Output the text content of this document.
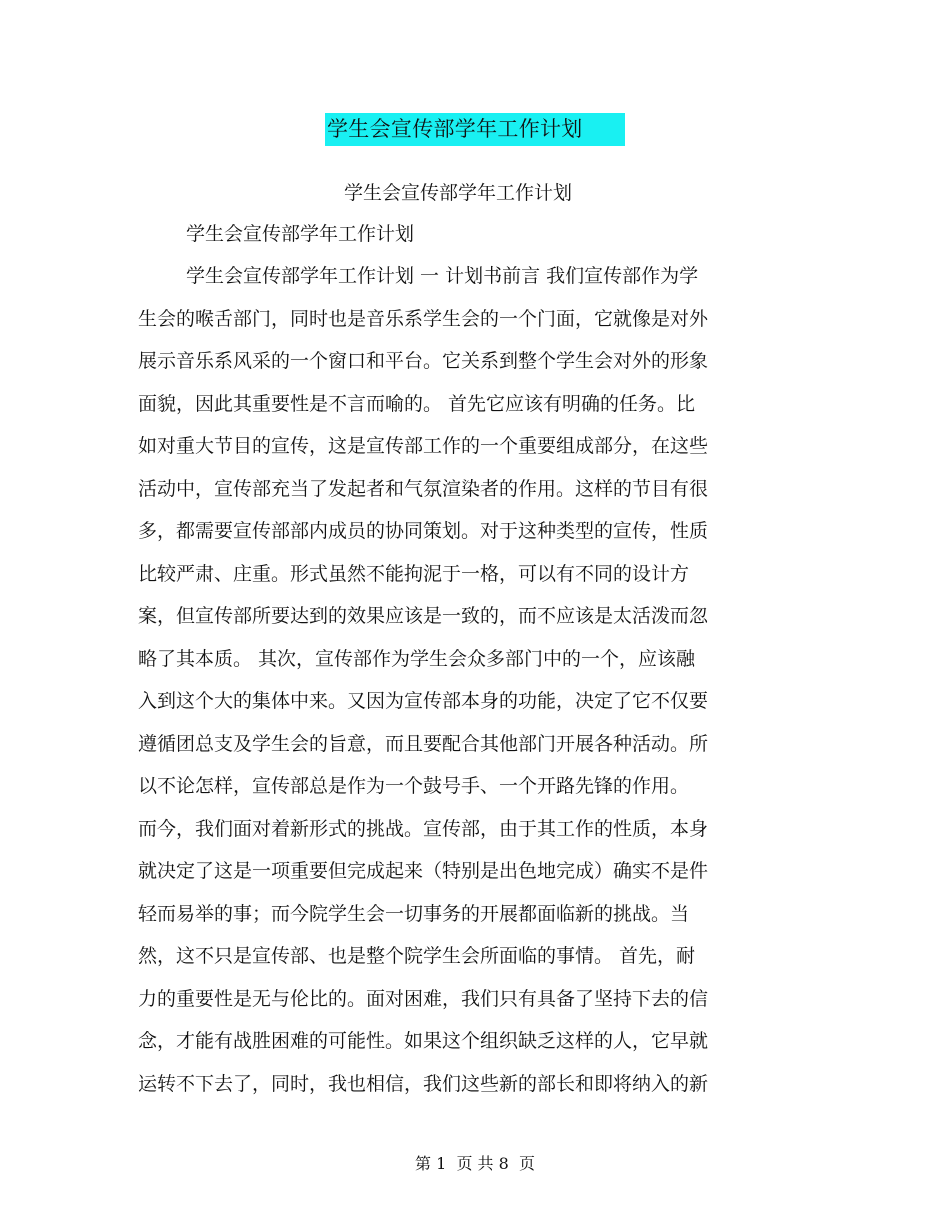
学生会宣传部学年工作计划
学生会宣传部学年工作计划
学生会宣传部学年工作计划
学生会宣传部学年工作计划 一 计划书前言 我们宣传部作为学
生会的喉舌部门，同时也是音乐系学生会的一个门面，它就像是对外
展示音乐系风采的一个窗口和平台。它关系到整个学生会对外的形象
面貌，因此其重要性是不言而喻的。 首先它应该有明确的任务。比
如对重大节目的宣传，这是宣传部工作的一个重要组成部分，在这些
活动中，宣传部充当了发起者和气氛渲染者的作用。这样的节目有很
多，都需要宣传部部内成员的协同策划。对于这种类型的宣传，性质
比较严肃、庄重。形式虽然不能拘泥于一格，可以有不同的设计方
案，但宣传部所要达到的效果应该是一致的，而不应该是太活泼而忽
略了其本质。 其次，宣传部作为学生会众多部门中的一个，应该融
入到这个大的集体中来。又因为宣传部本身的功能，决定了它不仅要
遵循团总支及学生会的旨意，而且要配合其他部门开展各种活动。所
以不论怎样，宣传部总是作为一个鼓号手、一个开路先锋的作用。
而今，我们面对着新形式的挑战。宣传部，由于其工作的性质，本身
就决定了这是一项重要但完成起来（特别是出色地完成）确实不是件
轻而易举的事；而今院学生会一切事务的开展都面临新的挑战。当
然，这不只是宣传部、也是整个院学生会所面临的事情。 首先，耐
力的重要性是无与伦比的。面对困难，我们只有具备了坚持下去的信
念，才能有战胜困难的可能性。如果这个组织缺乏这样的人，它早就
运转不下去了，同时，我也相信，我们这些新的部长和即将纳入的新
第 1  页 共 8  页
